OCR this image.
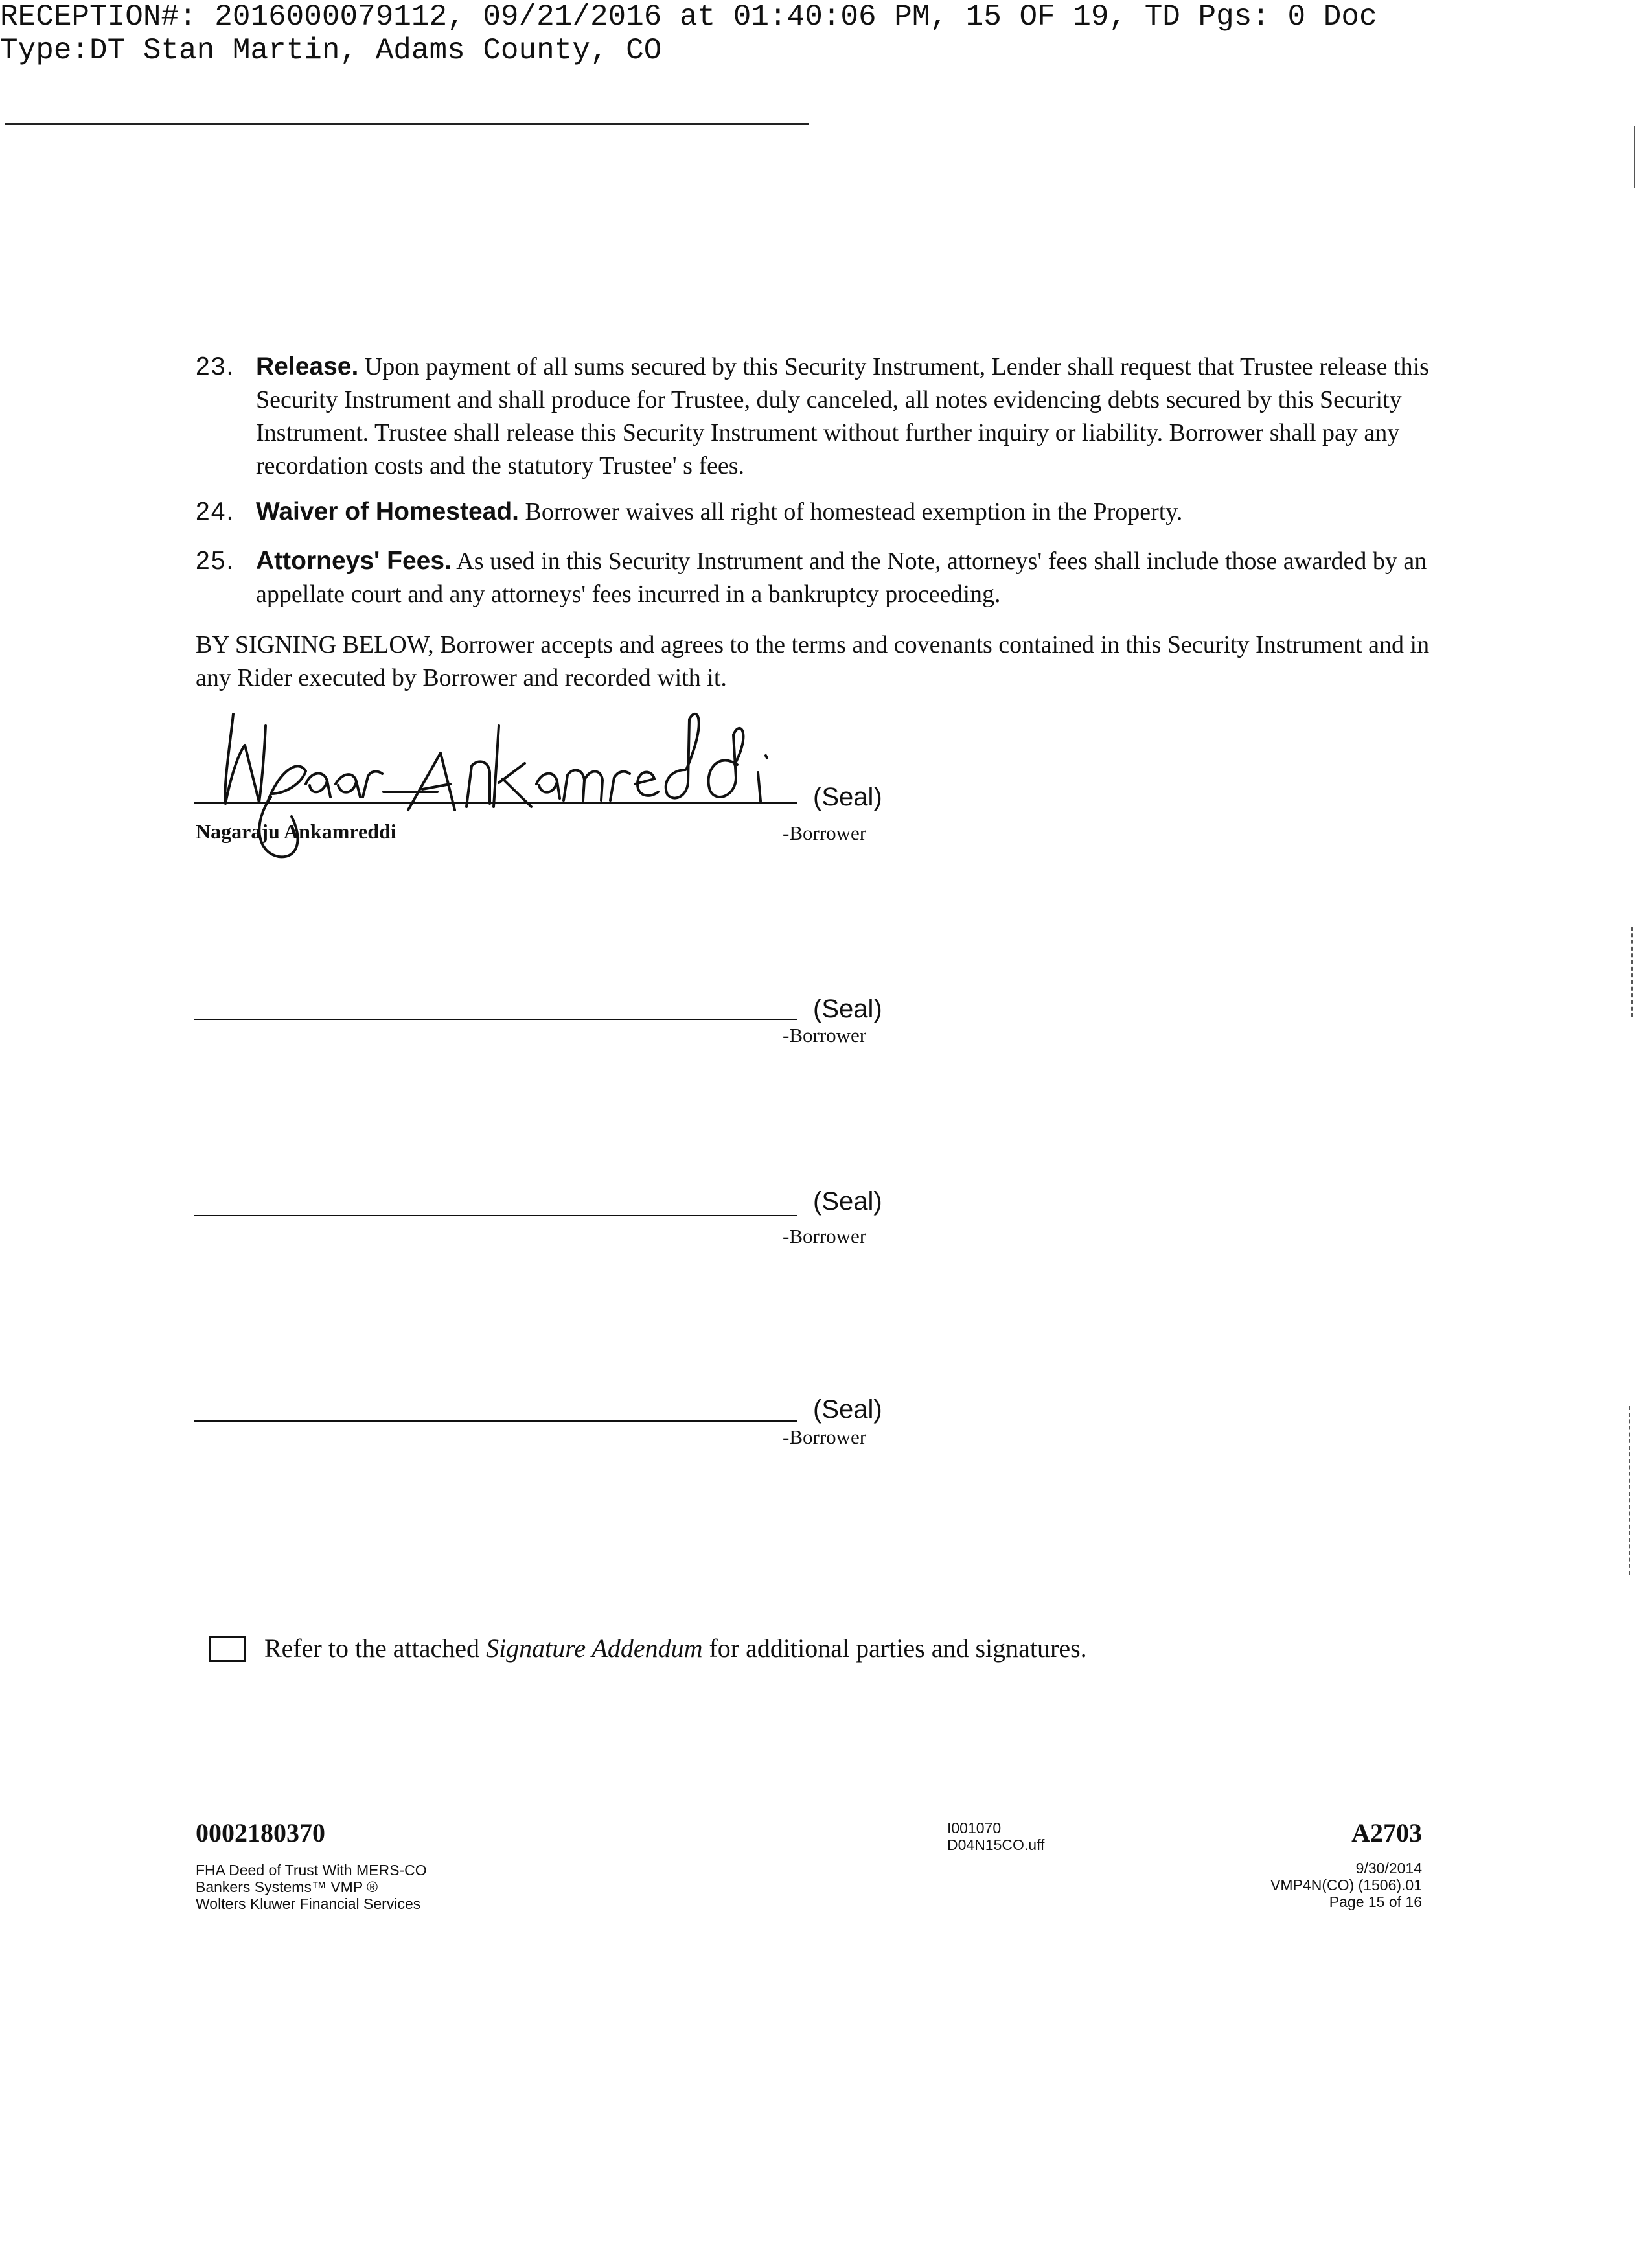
RECEPTION#: 2016000079112, 09/21/2016 at 01:40:06 PM, 15 OF 19, TD Pgs: 0 Doc
Type:DT Stan Martin, Adams County, CO
23. Release. Upon payment of all sums secured by this Security Instrument, Lender shall request that Trustee release this Security Instrument and shall produce for Trustee, duly canceled, all notes evidencing debts secured by this Security Instrument. Trustee shall release this Security Instrument without further inquiry or liability. Borrower shall pay any recordation costs and the statutory Trustee' s fees.
24. Waiver of Homestead. Borrower waives all right of homestead exemption in the Property.
25. Attorneys' Fees. As used in this Security Instrument and the Note, attorneys' fees shall include those awarded by an appellate court and any attorneys' fees incurred in a bankruptcy proceeding.
BY SIGNING BELOW, Borrower accepts and agrees to the terms and covenants contained in this Security Instrument and in any Rider executed by Borrower and recorded with it.
(Seal)
Nagaraju Ankamreddi	-Borrower
(Seal)
-Borrower
(Seal)
-Borrower
(Seal)
-Borrower
Refer to the attached Signature Addendum for additional parties and signatures.
0002180370
FHA Deed of Trust With MERS-CO
Bankers Systems™ VMP ®
Wolters Kluwer Financial Services
I001070
D04N15CO.uff	A2703
9/30/2014
VMP4N(CO) (1506).01
Page 15 of 16
